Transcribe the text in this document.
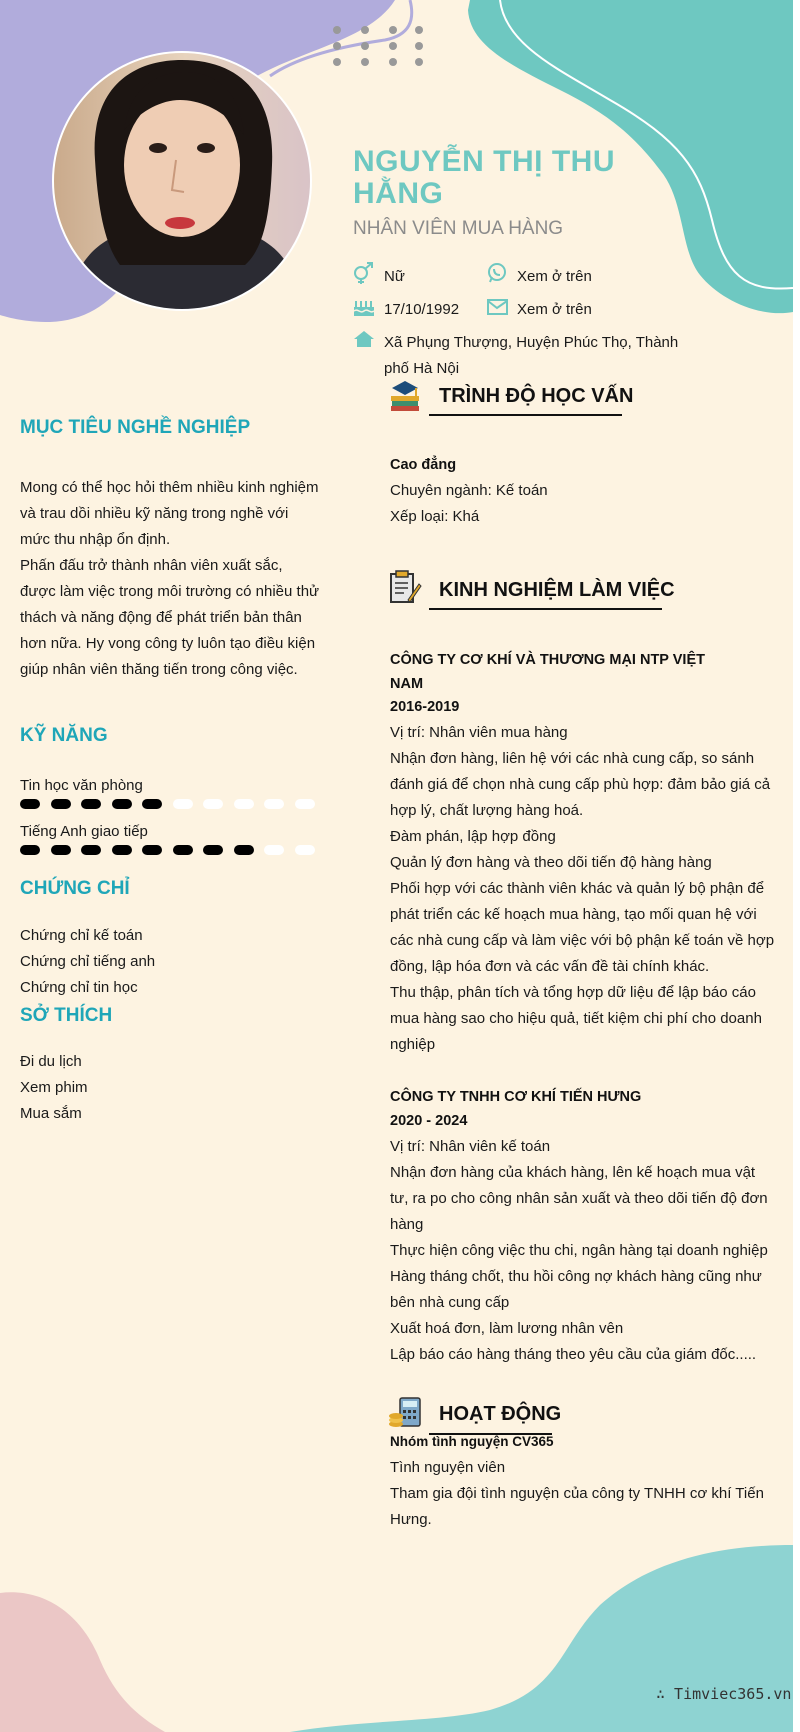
NGUYỄN THỊ THU HẰNG
NHÂN VIÊN MUA HÀNG
Nữ	Xem ở trên
17/10/1992	Xem ở trên
Xã Phụng Thượng, Huyện Phúc Thọ, Thành phố Hà Nội
MỤC TIÊU NGHỀ NGHIỆP
Mong có thể học hỏi thêm nhiều kinh nghiệm và trau dồi nhiều kỹ năng trong nghề với mức thu nhập ổn định.
Phấn đấu trở thành nhân viên xuất sắc, được làm việc trong môi trường có nhiều thử thách và năng động để phát triển bản thân hơn nữa. Hy vong công ty luôn tạo điều kiện giúp nhân viên thăng tiến trong công việc.
KỸ NĂNG
Tin học văn phòng
Tiếng Anh giao tiếp
CHỨNG CHỈ
Chứng chỉ kế toán
Chứng chỉ tiếng anh
Chứng chỉ tin học
SỞ THÍCH
Đi du lịch
Xem phim
Mua sắm
TRÌNH ĐỘ HỌC VẤN
Cao đẳng
Chuyên ngành: Kế toán
Xếp loại: Khá
KINH NGHIỆM LÀM VIỆC
CÔNG TY CƠ KHÍ VÀ THƯƠNG MẠI NTP VIỆT NAM
2016-2019
Vị trí: Nhân viên mua hàng
Nhận đơn hàng, liên hệ với các nhà cung cấp, so sánh đánh giá để chọn nhà cung cấp phù hợp: đảm bảo giá cả hợp lý, chất lượng hàng hoá.
Đàm phán, lập hợp đồng
Quản lý đơn hàng và theo dõi tiến độ hàng hàng
Phối hợp với các thành viên khác và quản lý bộ phận để phát triển các kế hoạch mua hàng, tạo mối quan hệ với các nhà cung cấp và làm việc với bộ phận kế toán về hợp đồng, lập hóa đơn và các vấn đề tài chính khác.
Thu thập, phân tích và tổng hợp dữ liệu để lập báo cáo mua hàng sao cho hiệu quả, tiết kiệm chi phí cho doanh nghiệp
CÔNG TY TNHH CƠ KHÍ TIẾN HƯNG
2020 - 2024
Vị trí: Nhân viên kế toán
Nhận đơn hàng của khách hàng, lên kế hoạch mua vật tư, ra po cho công nhân sản xuất và theo dõi tiến độ đơn hàng
Thực hiện công việc thu chi, ngân hàng tại doanh nghiệp
Hàng tháng chốt, thu hồi công nợ khách hàng cũng như bên nhà cung cấp
Xuất hoá đơn, làm lương nhân vên
Lập báo cáo hàng tháng theo yêu cầu của giám đốc.....
HOẠT ĐỘNG
Nhóm tình nguyện CV365
Tình nguyện viên
Tham gia đội tình nguyện của công ty TNHH cơ khí Tiến Hưng.
∴ Timviec365.vn
